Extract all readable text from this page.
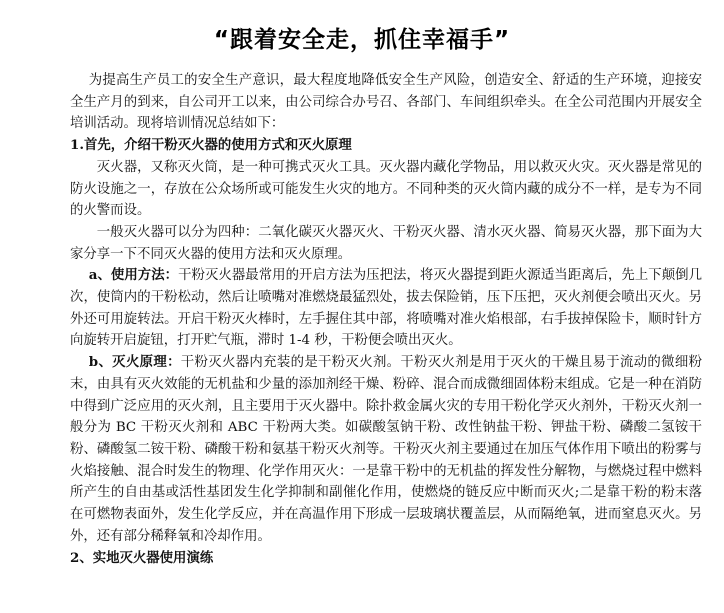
“跟着安全走，抓住幸福手”

为提高生产员工的安全生产意识，最大程度地降低安全生产风险，创造安全、舒适的生产环境，迎接安全生产月的到来，自公司开工以来，由公司综合办号召、各部门、车间组织牵头。在全公司范围内开展安全培训活动。现将培训情况总结如下：

1.首先，介绍干粉灭火器的使用方式和灭火原理

灭火器，又称灭火筒，是一种可携式灭火工具。灭火器内藏化学物品，用以救灭火灾。灭火器是常见的防火设施之一，存放在公众场所或可能发生火灾的地方。不同种类的灭火筒内藏的成分不一样，是专为不同的火警而设。

一般灭火器可以分为四种：二氧化碳灭火器灭火、干粉灭火器、清水灭火器、简易灭火器，那下面为大家分享一下不同灭火器的使用方法和灭火原理。

a、使用方法：干粉灭火器最常用的开启方法为压把法，将灭火器提到距火源适当距离后，先上下颠倒几次，使筒内的干粉松动，然后让喷嘴对准燃烧最猛烈处，拔去保险销，压下压把，灭火剂便会喷出灭火。另外还可用旋转法。开启干粉灭火棒时，左手握住其中部，将喷嘴对准火焰根部，右手拔掉保险卡，顺时针方向旋转开启旋钮，打开贮气瓶，滞时 1-4 秒，干粉便会喷出灭火。

b、灭火原理：干粉灭火器内充装的是干粉灭火剂。干粉灭火剂是用于灭火的干燥且易于流动的微细粉末，由具有灭火效能的无机盐和少量的添加剂经干燥、粉碎、混合而成微细固体粉末组成。它是一种在消防中得到广泛应用的灭火剂，且主要用于灭火器中。除扑救金属火灾的专用干粉化学灭火剂外，干粉灭火剂一般分为 BC 干粉灭火剂和 ABC 干粉两大类。如碳酸氢钠干粉、改性钠盐干粉、钾盐干粉、磷酸二氢铵干粉、磷酸氢二铵干粉、磷酸干粉和氨基干粉灭火剂等。干粉灭火剂主要通过在加压气体作用下喷出的粉雾与火焰接触、混合时发生的物理、化学作用灭火：一是靠干粉中的无机盐的挥发性分解物，与燃烧过程中燃料所产生的自由基或活性基团发生化学抑制和副催化作用，使燃烧的链反应中断而灭火;二是靠干粉的粉末落在可燃物表面外，发生化学反应，并在高温作用下形成一层玻璃状覆盖层，从而隔绝氧，进而窒息灭火。另外，还有部分稀释氧和冷却作用。

2、实地灭火器使用演练
